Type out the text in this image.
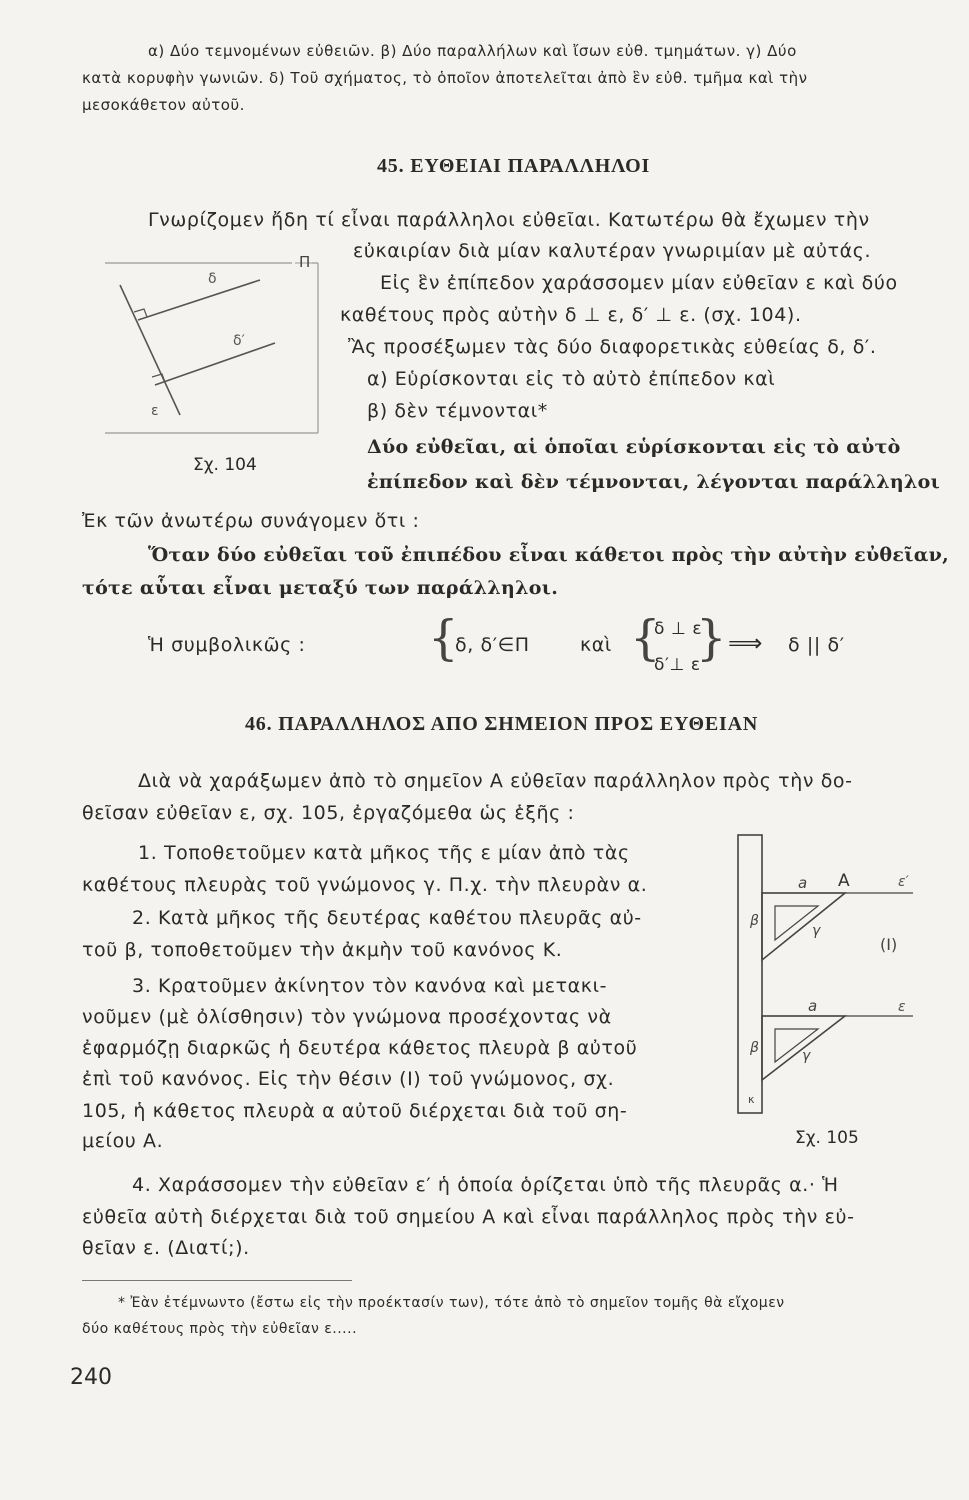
α) Δύο τεμνομένων εὐθειῶν. β) Δύο παραλλήλων καὶ ἴσων εὐθ. τμημάτων. γ) Δύο
κατὰ κορυφὴν γωνιῶν. δ) Τοῦ σχήματος, τὸ ὁποῖον ἀποτελεῖται ἀπὸ ἓν εὐθ. τμῆμα καὶ τὴν
μεσοκάθετον αὐτοῦ.
45. ΕΥΘΕΙΑΙ ΠΑΡΑΛΛΗΛΟΙ
Γνωρίζομεν ἤδη τί εἶναι παράλληλοι εὐθεῖαι. Κατωτέρω θὰ ἔχωμεν τὴν
εὐκαιρίαν διὰ μίαν καλυτέραν γνωριμίαν μὲ αὐτάς.
Εἰς ἓν ἐπίπεδον χαράσσομεν μίαν εὐθεῖαν ε καὶ δύο
καθέτους πρὸς αὐτὴν δ ⊥ ε, δ′ ⊥ ε. (σχ. 104).
Ἂς προσέξωμεν τὰς δύο διαφορετικὰς εὐθείας δ, δ′.
α) Εὑρίσκονται εἰς τὸ αὐτὸ ἐπίπεδον καὶ
β) δὲν τέμνονται*
Δύο εὐθεῖαι, αἱ ὁποῖαι εὑρίσκονται εἰς τὸ αὐτὸ
ἐπίπεδον καὶ δὲν τέμνονται, λέγονται παράλληλοι
Π
δ
δ′
ε
Σχ. 104
Ἐκ τῶν ἀνωτέρω συνάγομεν ὅτι :
Ὅταν δύο εὐθεῖαι τοῦ ἐπιπέδου εἶναι κάθετοι πρὸς τὴν αὐτὴν εὐθεῖαν,
τότε αὗται εἶναι μεταξύ των παράλληλοι.
Ἡ συμβολικῶς :	{
δ, δ′∈Π	καὶ {
δ ⊥ ε
δ′⊥ ε
} ⟹ δ || δ′
46. ΠΑΡΑΛΛΗΛΟΣ ΑΠΟ ΣΗΜΕΙΟΝ ΠΡΟΣ ΕΥΘΕΙΑΝ
Διὰ νὰ χαράξωμεν ἀπὸ τὸ σημεῖον Α εὐθεῖαν παράλληλον πρὸς τὴν δο-
θεῖσαν εὐθεῖαν ε, σχ. 105, ἐργαζόμεθα ὡς ἑξῆς :
1. Τοποθετοῦμεν κατὰ μῆκος τῆς ε μίαν ἀπὸ τὰς
καθέτους πλευρὰς τοῦ γνώμονος γ. Π.χ. τὴν πλευρὰν α.
2. Κατὰ μῆκος τῆς δευτέρας καθέτου πλευρᾶς αὐ-
τοῦ β, τοποθετοῦμεν τὴν ἀκμὴν τοῦ κανόνος Κ.
3. Κρατοῦμεν ἀκίνητον τὸν κανόνα καὶ μετακι-
νοῦμεν (μὲ ὀλίσθησιν) τὸν γνώμονα προσέχοντας νὰ
ἐφαρμόζῃ διαρκῶς ἡ δευτέρα κάθετος πλευρὰ β αὐτοῦ
ἐπὶ τοῦ κανόνος. Εἰς τὴν θέσιν (Ι) τοῦ γνώμονος, σχ.
105, ἡ κάθετος πλευρὰ α αὐτοῦ διέρχεται διὰ τοῦ ση-
μείου Α.
a Α	ε′
β
γ
(Ι)
a	ε
β	γ
κ
Σχ. 105
4. Χαράσσομεν τὴν εὐθεῖαν ε′ ἡ ὁποία ὁρίζεται ὑπὸ τῆς πλευρᾶς α.· Ἡ
εὐθεῖα αὐτὴ διέρχεται διὰ τοῦ σημείου Α καὶ εἶναι παράλληλος πρὸς τὴν εὐ-
θεῖαν ε. (Διατί;).
* Ἐὰν ἐτέμνωντο (ἔστω εἰς τὴν προέκτασίν των), τότε ἀπὸ τὸ σημεῖον τομῆς θὰ εἴχομεν
δύο καθέτους πρὸς τὴν εὐθεῖαν ε.....
240
